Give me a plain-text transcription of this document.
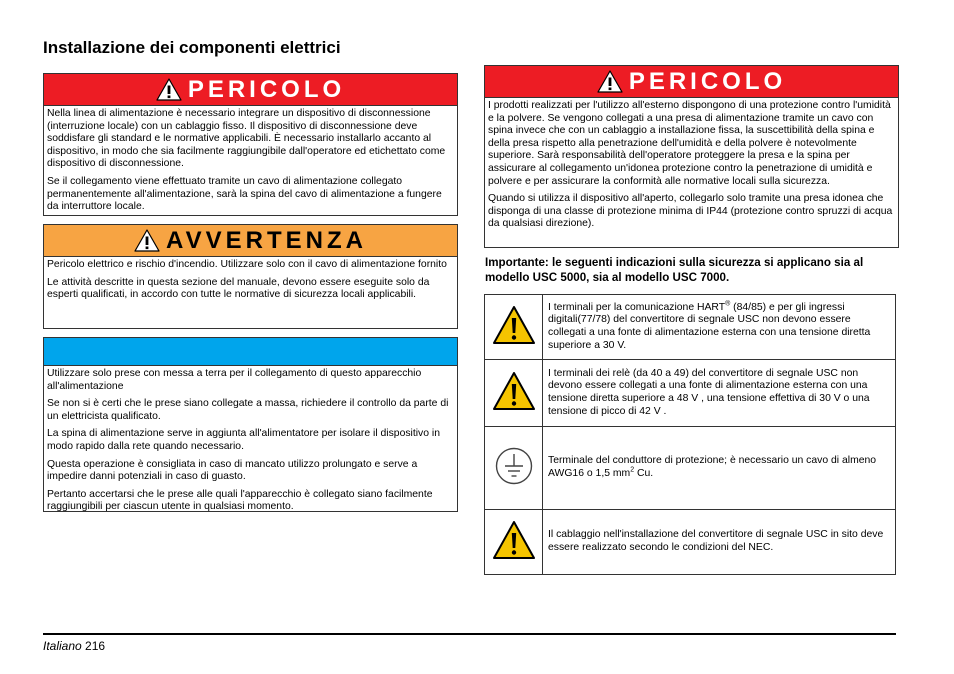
Installazione dei componenti elettrici
PERICOLO

Nella linea di alimentazione è necessario integrare un dispositivo di disconnessione (interruzione locale) con un cablaggio fisso. Il dispositivo di disconnessione deve soddisfare gli standard e le normative applicabili. È necessario installarlo accanto al dispositivo, in modo che sia facilmente raggiungibile dall'operatore ed etichettato come dispositivo di disconnessione.

Se il collegamento viene effettuato tramite un cavo di alimentazione collegato permanentemente all'alimentazione, sarà la spina del cavo di alimentazione a fungere da interruttore locale.

AVVERTENZA

Pericolo elettrico e rischio d'incendio. Utilizzare solo con il cavo di alimentazione fornito

Le attività descritte in questa sezione del manuale, devono essere eseguite solo da esperti qualificati, in accordo con tutte le normative di sicurezza locali applicabili.

Utilizzare solo prese con messa a terra per il collegamento di questo apparecchio all'alimentazione

Se non si è certi che le prese siano collegate a massa, richiedere il controllo da parte di un elettricista qualificato.

La spina di alimentazione serve in aggiunta all'alimentatore per isolare il dispositivo in modo rapido dalla rete quando necessario.

Questa operazione è consigliata in caso di mancato utilizzo prolungato e serve a impedire danni potenziali in caso di guasto.

Pertanto accertarsi che le prese alle quali l'apparecchio è collegato siano facilmente raggiungibili per ciascun utente in qualsiasi momento.

PERICOLO

I prodotti realizzati per l'utilizzo all'esterno dispongono di una protezione contro l'umidità e la polvere. Se vengono collegati a una presa di alimentazione tramite un cavo con spina invece che con un cablaggio a installazione fissa, la suscettibilità della spina e della presa rispetto alla penetrazione dell'umidità e della polvere è notevolmente superiore. Sarà responsabilità dell'operatore proteggere la presa e la spina per assicurare al collegamento un'idonea protezione contro la penetrazione di umidità e polvere e per assicurare la conformità alle normative locali sulla sicurezza.

Quando si utilizza il dispositivo all'aperto, collegarlo solo tramite una presa idonea che disponga di una classe di protezione minima di IP44 (protezione contro spruzzi di acqua da qualsiasi direzione).

Importante: le seguenti indicazioni sulla sicurezza si applicano sia al modello USC 5000, sia al modello USC 7000.

	I terminali per la comunicazione HART® (84/85) e per gli ingressi digitali(77/78) del convertitore di segnale USC non devono essere collegati a una fonte di alimentazione esterna con una tensione diretta superiore a 30 V.
	I terminali dei relè (da 40 a 49) del convertitore di segnale USC non devono essere collegati a una fonte di alimentazione esterna con una tensione diretta superiore a 48 V , una tensione effettiva di 30 V o una tensione di picco di 42 V .
	Terminale del conduttore di protezione; è necessario un cavo di almeno AWG16 o 1,5 $mm^2$ Cu.
	Il cablaggio nell'installazione del convertitore di segnale USC in sito deve essere realizzato secondo le condizioni del NEC.
Italiano 216
